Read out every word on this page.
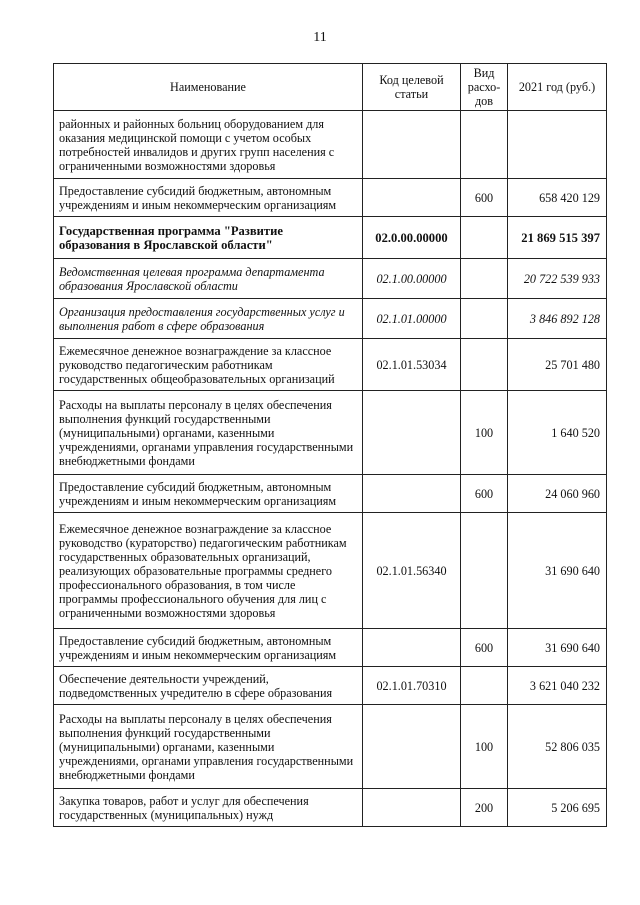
11
Наименование	Код целевой статьи	Вид расхо-дов	2021 год (руб.)
районных и районных больниц оборудованием для оказания медицинской помощи с учетом особых потребностей инвалидов и других групп населения с ограниченными возможностями здоровья			
Предоставление субсидий бюджетным, автономным учреждениям и иным некоммерческим организациям		600	658 420 129
Государственная программа "Развитие образования в Ярославской области"	02.0.00.00000		21 869 515 397
Ведомственная целевая программа департамента образования Ярославской области	02.1.00.00000		20 722 539 933
Организация предоставления государственных услуг и выполнения работ в сфере образования	02.1.01.00000		3 846 892 128
Ежемесячное денежное вознаграждение за классное руководство педагогическим работникам государственных общеобразовательных организаций	02.1.01.53034		25 701 480
Расходы на выплаты персоналу в целях обеспечения выполнения функций государственными (муниципальными) органами, казенными учреждениями, органами управления государственными внебюджетными фондами		100	1 640 520
Предоставление субсидий бюджетным, автономным учреждениям и иным некоммерческим организациям		600	24 060 960
Ежемесячное денежное вознаграждение за классное руководство (кураторство) педагогическим работникам государственных образовательных организаций, реализующих образовательные программы среднего профессионального образования, в том числе программы профессионального обучения для лиц с ограниченными возможностями здоровья	02.1.01.56340		31 690 640
Предоставление субсидий бюджетным, автономным учреждениям и иным некоммерческим организациям		600	31 690 640
Обеспечение деятельности учреждений, подведомственных учредителю в сфере образования	02.1.01.70310		3 621 040 232
Расходы на выплаты персоналу в целях обеспечения выполнения функций государственными (муниципальными) органами, казенными учреждениями, органами управления государственными внебюджетными фондами		100	52 806 035
Закупка товаров, работ и услуг для обеспечения государственных (муниципальных) нужд		200	5 206 695
